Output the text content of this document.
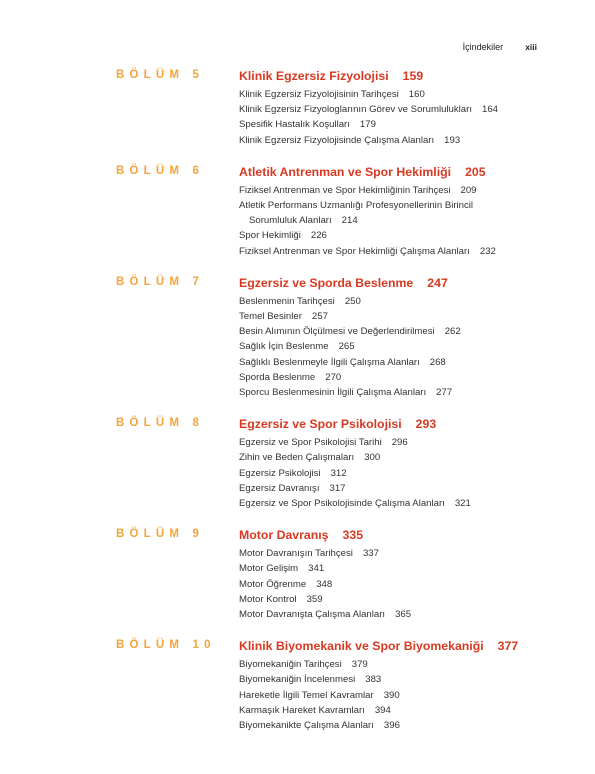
İçindekiler	xiii
BÖLÜM 5	Klinik Egzersiz Fizyolojisi 159
Klinik Egzersiz Fizyolojisinin Tarihçesi 160
Klinik Egzersiz Fizyologlarının Görev ve Sorumlulukları 164
Spesifik Hastalık Koşulları 179
Klinik Egzersiz Fizyolojisinde Çalışma Alanları 193
BÖLÜM 6	Atletik Antrenman ve Spor Hekimliği 205
Fiziksel Antrenman ve Spor Hekimliğinin Tarihçesi 209
Atletik Performans Uzmanlığı Profesyonellerinin Birincil
Sorumluluk Alanları 214
Spor Hekimliği 226
Fiziksel Antrenman ve Spor Hekimliği Çalışma Alanları 232
BÖLÜM 7	Egzersiz ve Sporda Beslenme 247
Beslenmenin Tarihçesi 250
Temel Besinler 257
Besin Alımının Ölçülmesi ve Değerlendirilmesi 262
Sağlık İçin Beslenme 265
Sağlıklı Beslenmeyle İlgili Çalışma Alanları 268
Sporda Beslenme 270
Sporcu Beslenmesinin İlgili Çalışma Alanları 277
BÖLÜM 8	Egzersiz ve Spor Psikolojisi 293
Egzersiz ve Spor Psikolojisi Tarihi 296
Zihin ve Beden Çalışmaları 300
Egzersiz Psikolojisi 312
Egzersiz Davranışı 317
Egzersiz ve Spor Psikolojisinde Çalışma Alanları 321
BÖLÜM 9	Motor Davranış 335
Motor Davranışın Tarihçesi 337
Motor Gelişim 341
Motor Öğrenme 348
Motor Kontrol 359
Motor Davranışta Çalışma Alanları 365
BÖLÜM 10	Klinik Biyomekanik ve Spor Biyomekaniği 377
Biyomekaniğin Tarihçesi 379
Biyomekaniğin İncelenmesi 383
Hareketle İlgili Temel Kavramlar 390
Karmaşık Hareket Kavramları 394
Biyomekanikte Çalışma Alanları 396
